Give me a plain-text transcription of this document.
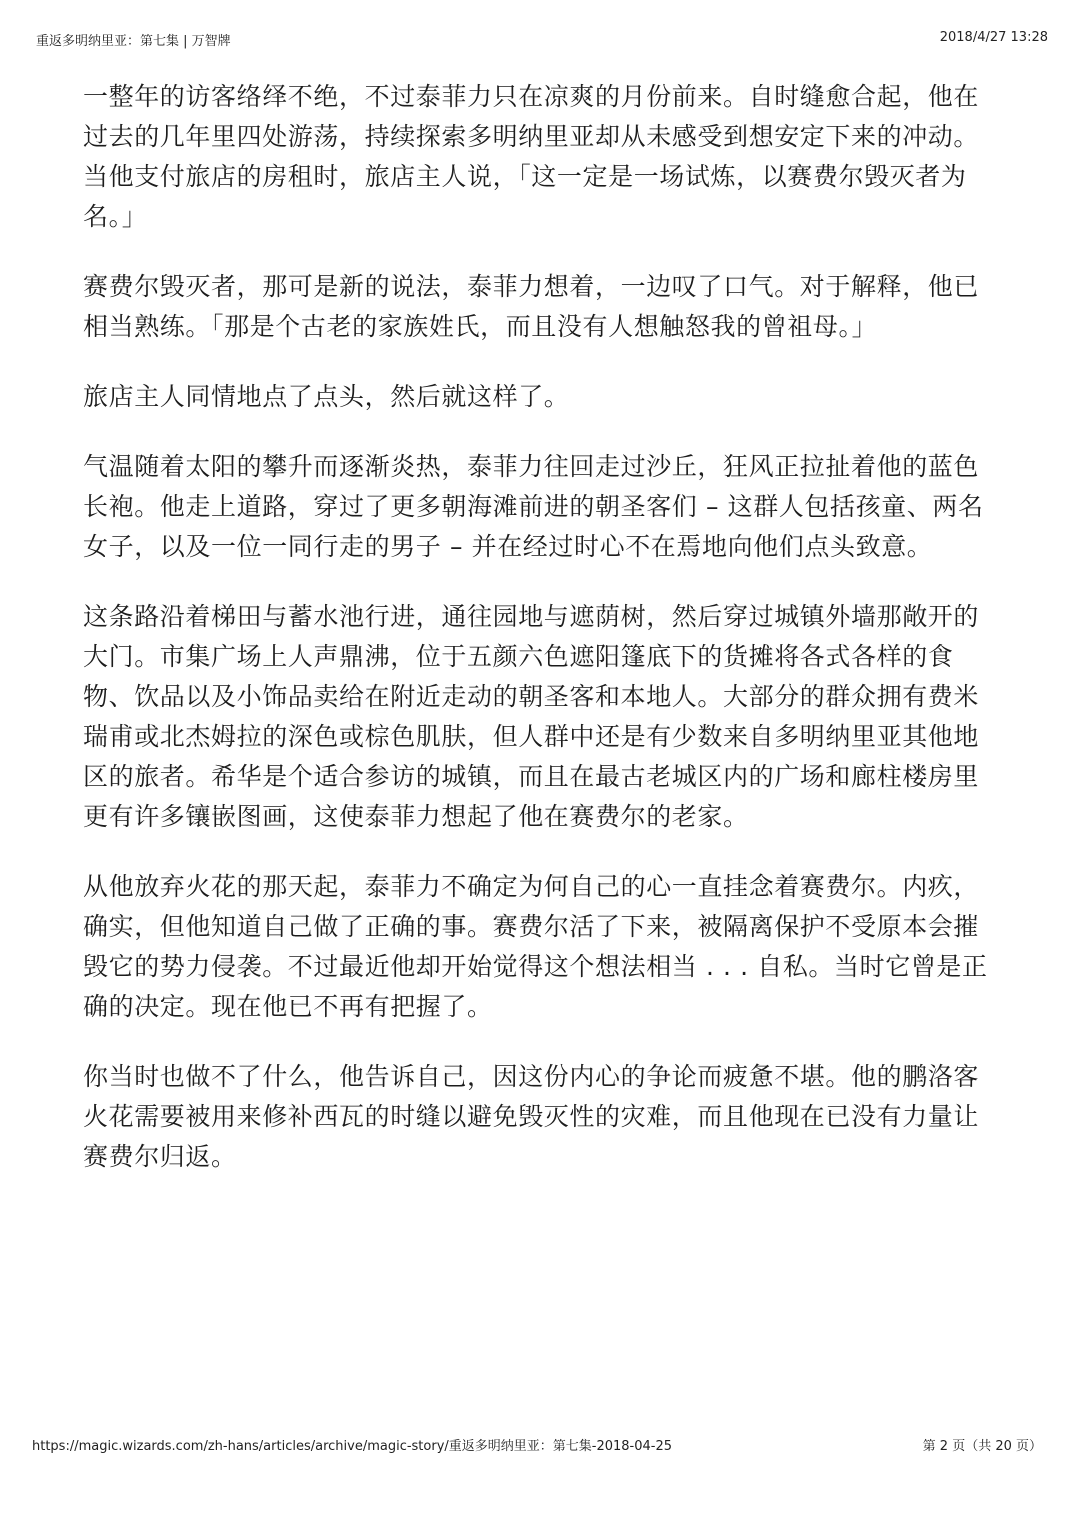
重返多明纳里亚：第七集 | 万智牌	2018/4/27 13:28

一整年的访客络绎不绝，不过泰菲力只在凉爽的月份前来。自时缝愈合起，他在过去的几年里四处游荡，持续探索多明纳里亚却从未感受到想安定下来的冲动。当他支付旅店的房租时，旅店主人说，「这一定是一场试炼，以赛费尔毁灭者为名。」

赛费尔毁灭者，那可是新的说法，泰菲力想着，一边叹了口气。对于解释，他已相当熟练。「那是个古老的家族姓氏，而且没有人想触怒我的曾祖母。」

旅店主人同情地点了点头，然后就这样了。

气温随着太阳的攀升而逐渐炎热，泰菲力往回走过沙丘，狂风正拉扯着他的蓝色长袍。他走上道路，穿过了更多朝海滩前进的朝圣客们 – 这群人包括孩童、两名女子，以及一位一同行走的男子 – 并在经过时心不在焉地向他们点头致意。

这条路沿着梯田与蓄水池行进，通往园地与遮荫树，然后穿过城镇外墙那敞开的大门。市集广场上人声鼎沸，位于五颜六色遮阳篷底下的货摊将各式各样的食物、饮品以及小饰品卖给在附近走动的朝圣客和本地人。大部分的群众拥有费米瑞甫或北杰姆拉的深色或棕色肌肤，但人群中还是有少数来自多明纳里亚其他地区的旅者。希华是个适合参访的城镇，而且在最古老城区内的广场和廊柱楼房里更有许多镶嵌图画，这使泰菲力想起了他在赛费尔的老家。

从他放弃火花的那天起，泰菲力不确定为何自己的心一直挂念着赛费尔。内疚，确实，但他知道自己做了正确的事。赛费尔活了下来，被隔离保护不受原本会摧毁它的势力侵袭。不过最近他却开始觉得这个想法相当 . . . 自私。当时它曾是正确的决定。现在他已不再有把握了。

你当时也做不了什么，他告诉自己，因这份内心的争论而疲惫不堪。他的鹏洛客火花需要被用来修补西瓦的时缝以避免毁灭性的灾难，而且他现在已没有力量让赛费尔归返。

https://magic.wizards.com/zh-hans/articles/archive/magic-story/重返多明纳里亚：第七集-2018-04-25	第 2 页（共 20 页）
